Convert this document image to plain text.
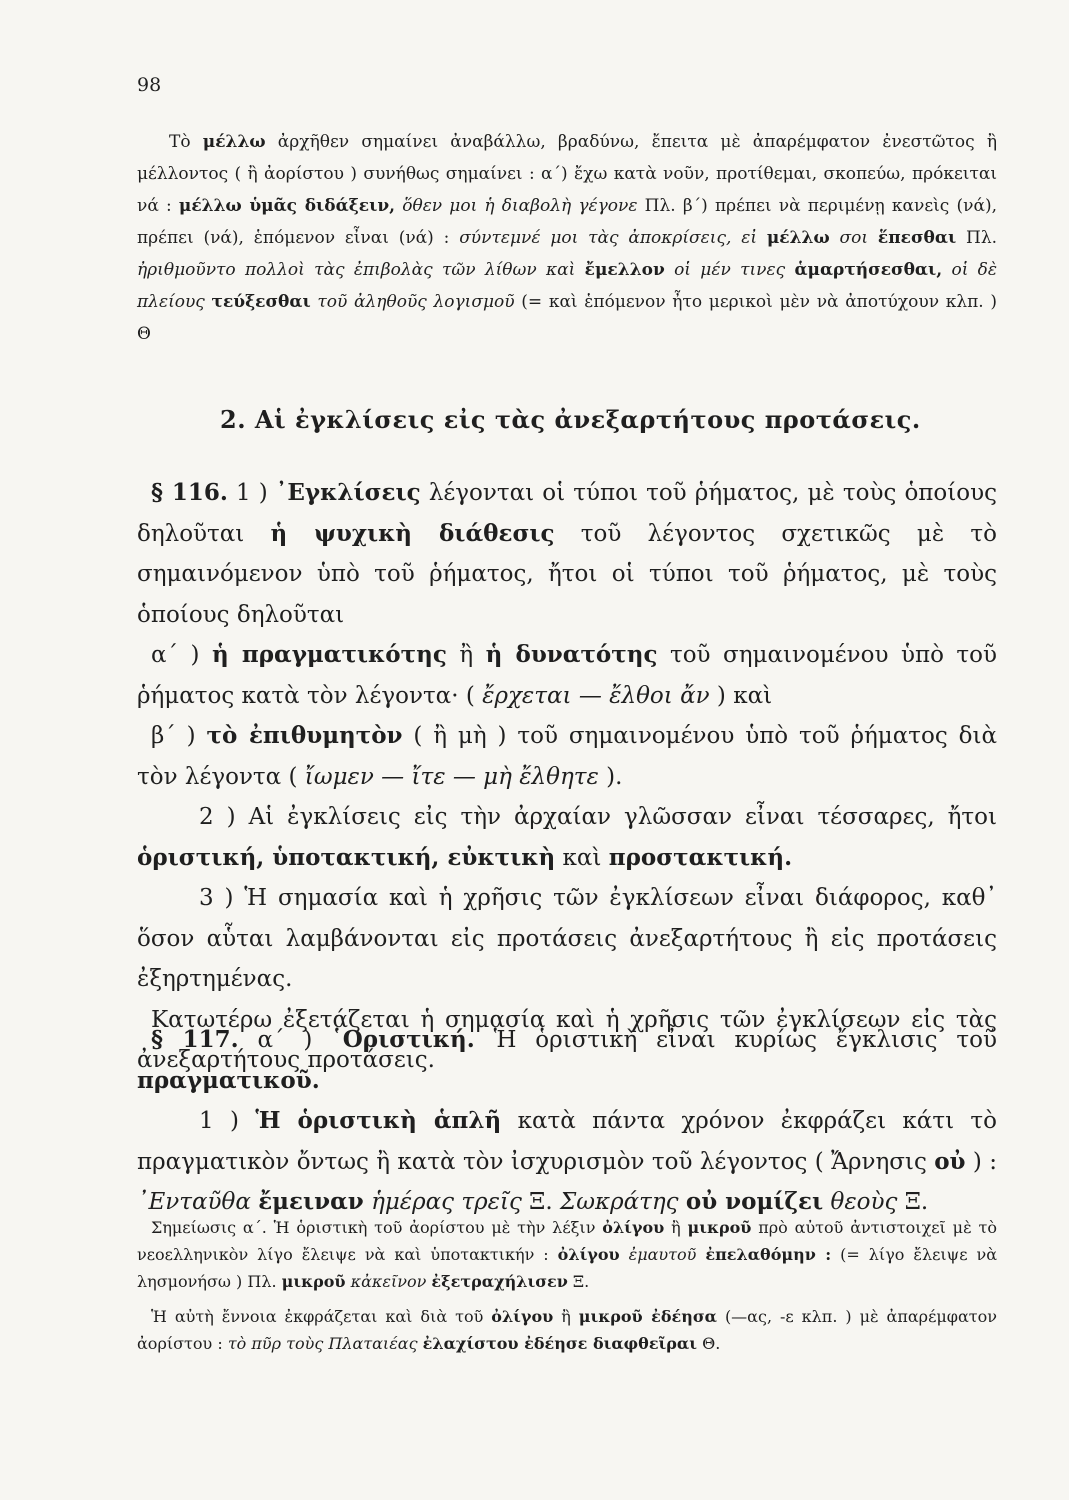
98

Τὸ μέλλω ἀρχῆθεν σημαίνει ἀναβάλλω, βραδύνω, ἔπειτα μὲ ἀπαρέμφατον ἐνεστῶτος ἢ μέλλοντος ( ἢ ἀορίστου ) συνήθως σημαίνει : α΄) ἔχω κατὰ νοῦν, προτίθεμαι, σκοπεύω, πρόκειται νά : μέλλω ὑμᾶς διδάξειν, ὅθεν μοι ἡ διαβολὴ γέγονε Πλ. β΄) πρέπει νὰ περιμένῃ κανεὶς (νά), πρέπει (νά), ἑπόμενον εἶναι (νά) : σύντεμνέ μοι τὰς ἀποκρίσεις, εἰ μέλλω σοι ἕπεσθαι Πλ. ἠριθμοῦντο πολλοὶ τὰς ἐπιβολὰς τῶν λίθων καὶ ἔμελλον οἱ μέν τινες ἁμαρτήσεσθαι, οἱ δὲ πλείους τεύξεσθαι τοῦ ἀληθοῦς λογισμοῦ (= καὶ ἑπόμενον ἦτο μερικοὶ μὲν νὰ ἀποτύχουν κλπ. ) Θ

2. Αἱ ἐγκλίσεις εἰς τὰς ἀνεξαρτήτους προτάσεις.

§ 116. 1 ) ᾿Εγκλίσεις λέγονται οἱ τύποι τοῦ ῥήματος, μὲ τοὺς ὁποίους δηλοῦται ἡ ψυχικὴ διάθεσις τοῦ λέγοντος σχετικῶς μὲ τὸ σημαινόμενον ὑπὸ τοῦ ῥήματος, ἤτοι οἱ τύποι τοῦ ῥήματος, μὲ τοὺς ὁποίους δηλοῦται

α΄ ) ἡ πραγματικότης ἢ ἡ δυνατότης τοῦ σημαινομένου ὑπὸ τοῦ ῥήματος κατὰ τὸν λέγοντα· ( ἔρχεται — ἔλθοι ἄν ) καὶ

β΄ ) τὸ ἐπιθυμητὸν ( ἢ μὴ ) τοῦ σημαινομένου ὑπὸ τοῦ ῥήματος διὰ τὸν λέγοντα ( ἴωμεν — ἴτε — μὴ ἔλθητε ).

2 ) Αἱ ἐγκλίσεις εἰς τὴν ἀρχαίαν γλῶσσαν εἶναι τέσσαρες, ἤτοι ὁριστική, ὑποτακτική, εὐκτικὴ καὶ προστακτική.

3 ) Ἡ σημασία καὶ ἡ χρῆσις τῶν ἐγκλίσεων εἶναι διάφορος, καθ᾿ ὅσον αὗται λαμβάνονται εἰς προτάσεις ἀνεξαρτήτους ἢ εἰς προτάσεις ἐξηρτημένας.

Κατωτέρω ἐξετάζεται ἡ σημασία καὶ ἡ χρῆσις τῶν ἐγκλίσεων εἰς τὰς ἀνεξαρτήτους προτάσεις.

§ 117. α΄ ) ῾Οριστική. Ἡ ὁριστικὴ εἶναι κυρίως ἔγκλισις τοῦ πραγματικοῦ.

1 ) Ἡ ὁριστικὴ ἁπλῆ κατὰ πάντα χρόνον ἐκφράζει κάτι τὸ πραγματικὸν ὄντως ἢ κατὰ τὸν ἰσχυρισμὸν τοῦ λέγοντος ( Ἄρνησις οὐ ) : ᾿Ενταῦθα ἔμειναν ἡμέρας τρεῖς Ξ. Σωκράτης οὐ νομίζει θεοὺς Ξ.

Σημείωσις α΄. Ἡ ὁριστικὴ τοῦ ἀορίστου μὲ τὴν λέξιν ὀλίγου ἢ μικροῦ πρὸ αὐτοῦ ἀντιστοιχεῖ μὲ τὸ νεοελληνικὸν λίγο ἔλειψε νὰ καὶ ὑποτακτικήν : ὀλίγου ἐμαυτοῦ ἐπελαθόμην : (= λίγο ἔλειψε νὰ λησμονήσω ) Πλ. μικροῦ κἀκεῖνον ἐξετραχήλισεν Ξ.

Ἡ αὐτὴ ἔννοια ἐκφράζεται καὶ διὰ τοῦ ὀλίγου ἢ μικροῦ ἐδέησα (—ας, -ε κλπ. ) μὲ ἀπαρέμφατον ἀορίστου : τὸ πῦρ τοὺς Πλαταιέας ἐλαχίστου ἐδέησε διαφθεῖραι Θ.
